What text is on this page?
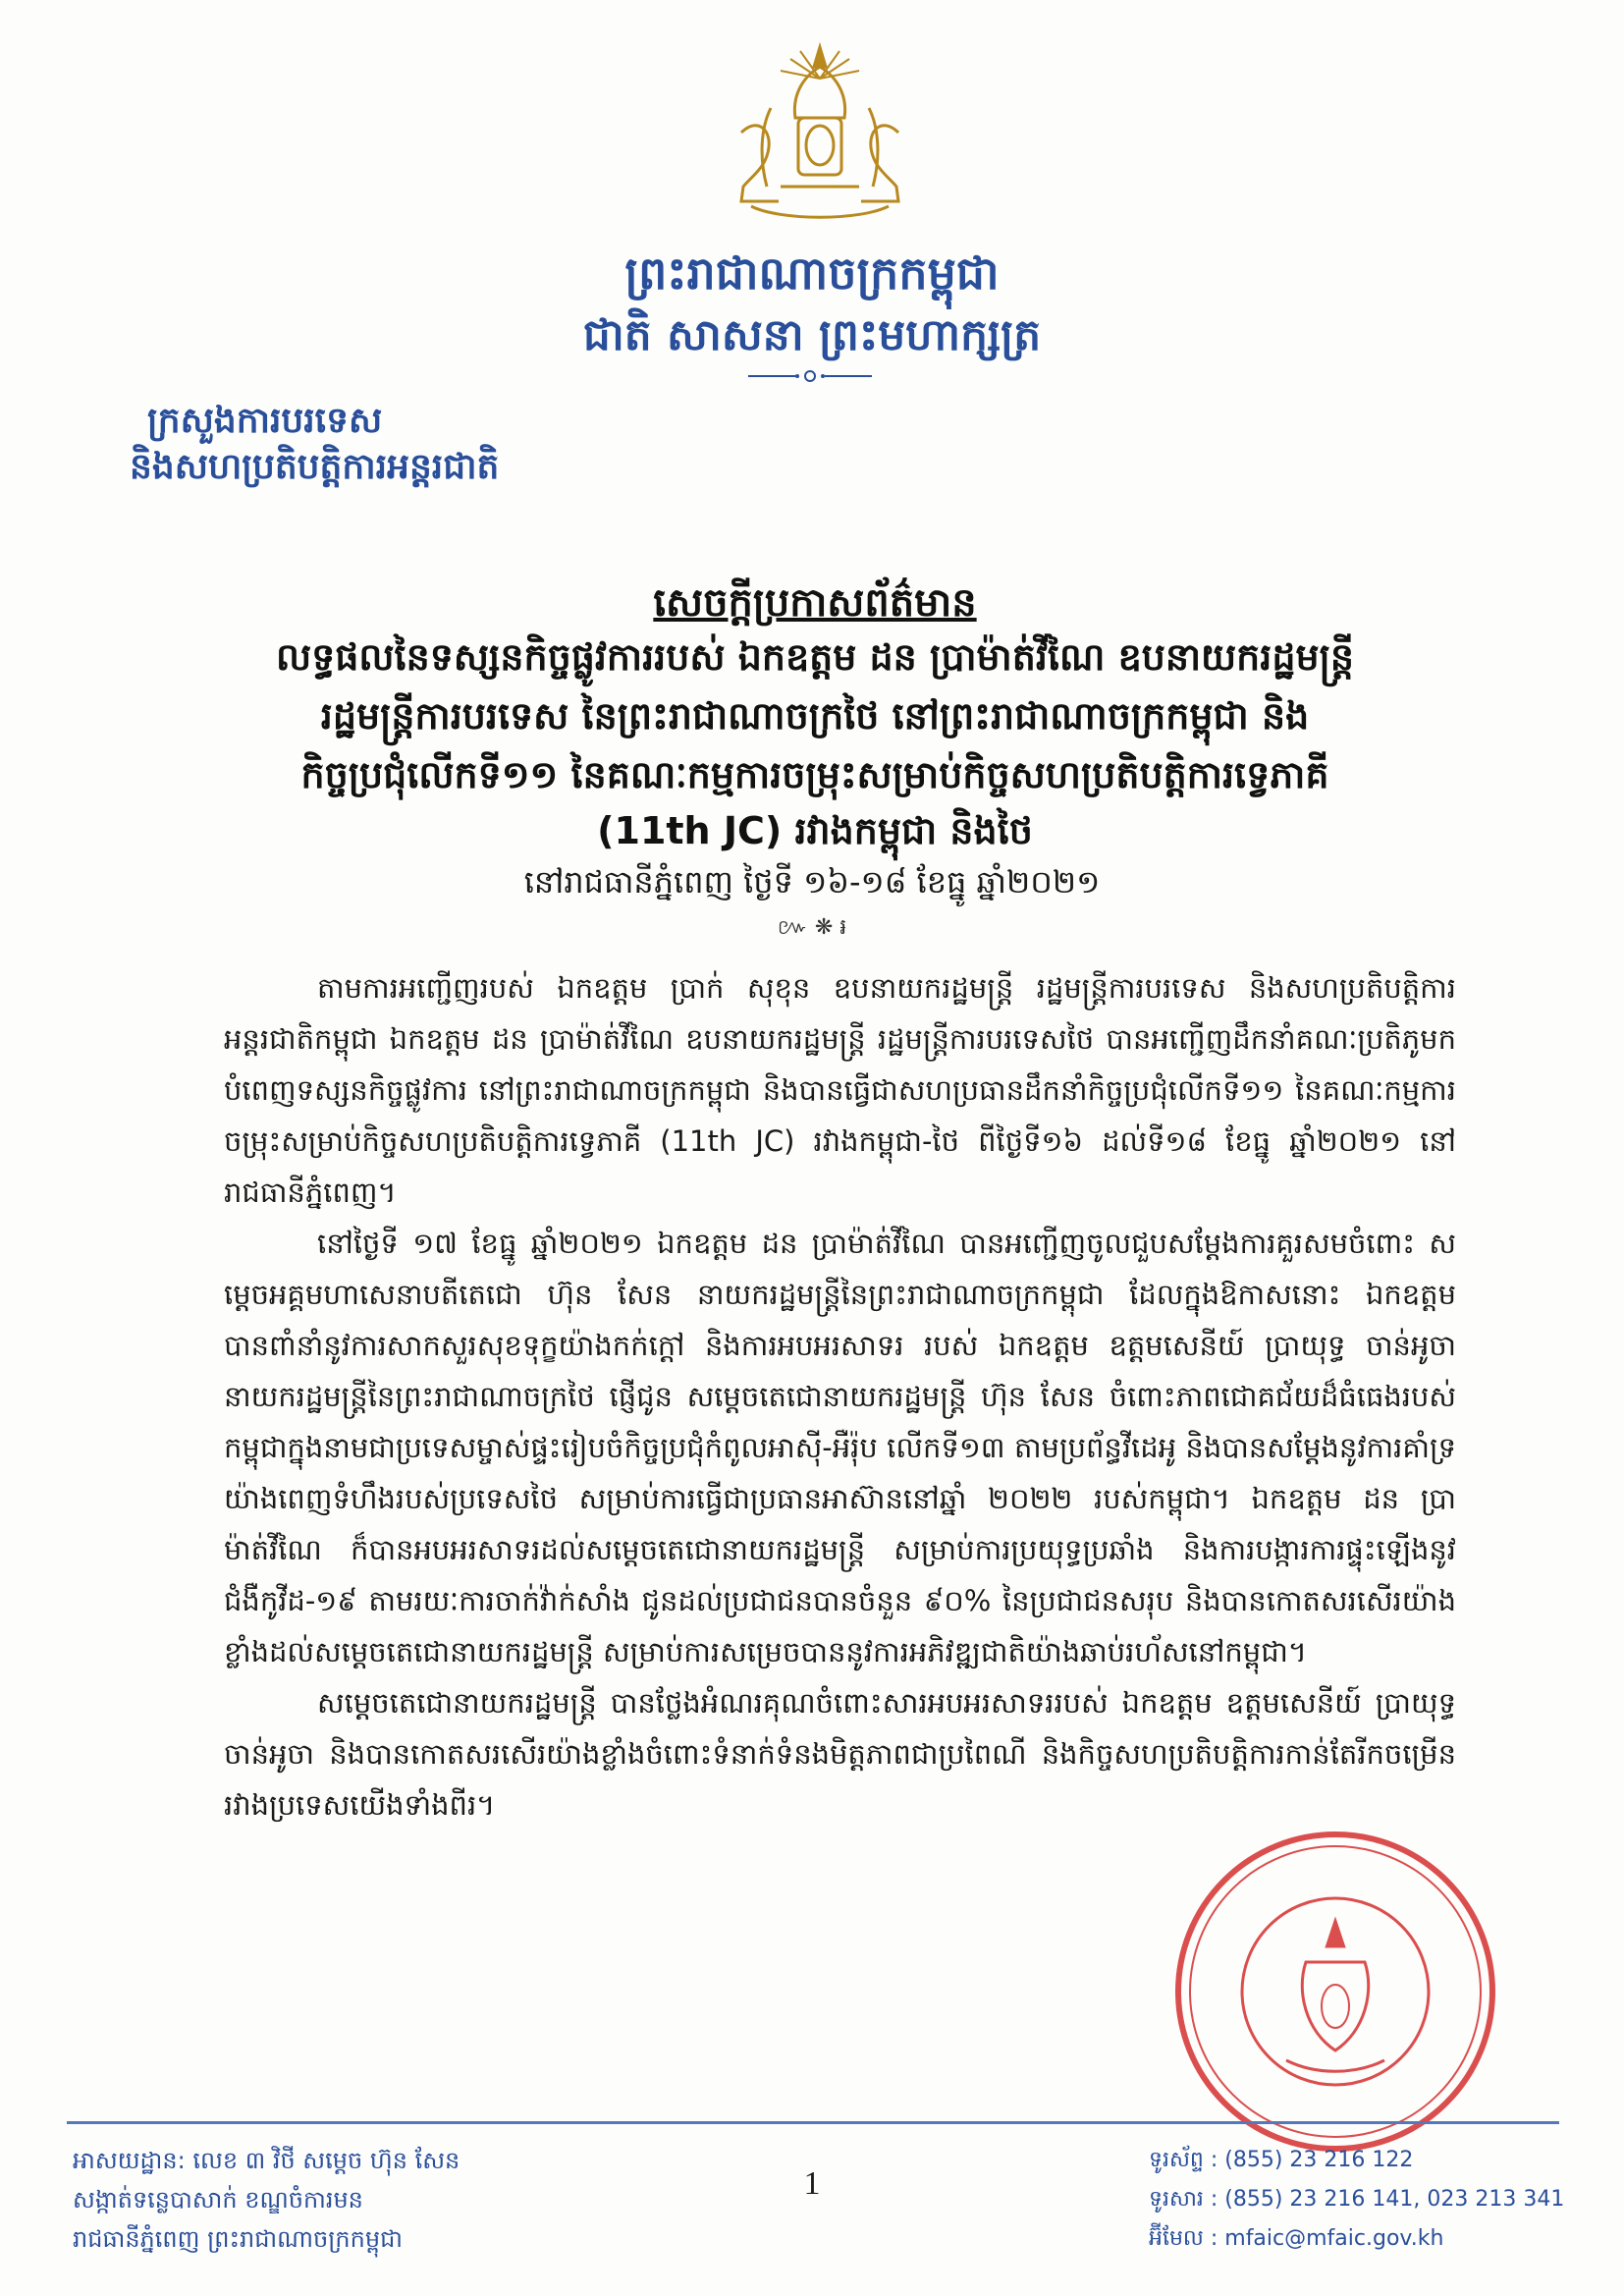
ព្រះរាជាណាចក្រកម្ពុជា
ជាតិ សាសនា ព្រះមហាក្សត្រ
ក្រសួងការបរទេស
និងសហប្រតិបត្តិការអន្តរជាតិ
សេចក្តីប្រកាសព័ត៌មាន
លទ្ធផលនៃទស្សនកិច្ចផ្លូវការរបស់ ឯកឧត្តម ដន ប្រាម៉ាត់វីណៃ ឧបនាយករដ្ឋមន្ត្រី
រដ្ឋមន្ត្រីការបរទេស នៃព្រះរាជាណាចក្រថៃ នៅព្រះរាជាណាចក្រកម្ពុជា និង
កិច្ចប្រជុំលើកទី១១ នៃគណៈកម្មការចម្រុះសម្រាប់កិច្ចសហប្រតិបត្តិការទ្វេភាគី
(11th JC) រវាងកម្ពុជា និងថៃ
នៅរាជធានីភ្នំពេញ ថ្ងៃទី ១៦-១៨ ខែធ្នូ ឆ្នាំ២០២១
៚ ❋ ៛

តាមការអញ្ជើញរបស់ ឯកឧត្តម ប្រាក់ សុខុន ឧបនាយករដ្ឋមន្ត្រី រដ្ឋមន្ត្រីការបរទេស និងសហប្រតិបត្តិការអន្តរជាតិកម្ពុជា ឯកឧត្តម ដន ប្រាម៉ាត់វីណៃ ឧបនាយករដ្ឋមន្ត្រី រដ្ឋមន្ត្រីការបរទេសថៃ បានអញ្ជើញដឹកនាំគណៈប្រតិភូមកបំពេញទស្សនកិច្ចផ្លូវការ នៅព្រះរាជាណាចក្រកម្ពុជា និងបានធ្វើជាសហប្រធានដឹកនាំកិច្ចប្រជុំលើកទី១១ នៃគណៈកម្មការចម្រុះសម្រាប់កិច្ចសហប្រតិបត្តិការទ្វេភាគី (11th JC) រវាងកម្ពុជា-ថៃ ពីថ្ងៃទី១៦ ដល់ទី១៨ ខែធ្នូ ឆ្នាំ២០២១ នៅរាជធានីភ្នំពេញ។

នៅថ្ងៃទី ១៧ ខែធ្នូ ឆ្នាំ២០២១ ឯកឧត្តម ដន ប្រាម៉ាត់វីណៃ បានអញ្ជើញចូលជួបសម្តែងការគួរសមចំពោះ សម្តេចអគ្គមហាសេនាបតីតេជោ ហ៊ុន សែន នាយករដ្ឋមន្ត្រីនៃព្រះរាជាណាចក្រកម្ពុជា ដែលក្នុងឱកាសនោះ ឯកឧត្តម បានពាំនាំនូវការសាកសួរសុខទុក្ខយ៉ាងកក់ក្តៅ និងការអបអរសាទរ របស់ ឯកឧត្តម ឧត្តមសេនីយ៍ ប្រាយុទ្ធ ចាន់អូចា នាយករដ្ឋមន្ត្រីនៃព្រះរាជាណាចក្រថៃ ផ្ញើជូន សម្តេចតេជោនាយករដ្ឋមន្ត្រី ហ៊ុន សែន ចំពោះភាពជោគជ័យដ៏ធំធេងរបស់កម្ពុជាក្នុងនាមជាប្រទេសម្ចាស់ផ្ទះរៀបចំកិច្ចប្រជុំកំពូលអាស៊ី-អឺរ៉ុប លើកទី១៣ តាមប្រព័ន្ធវីដេអូ និងបានសម្តែងនូវការគាំទ្រយ៉ាងពេញទំហឹងរបស់ប្រទេសថៃ សម្រាប់ការធ្វើជាប្រធានអាស៊ាននៅឆ្នាំ ២០២២ របស់កម្ពុជា។ ឯកឧត្តម ដន ប្រាម៉ាត់វីណៃ ក៏បានអបអរសាទរដល់សម្តេចតេជោនាយករដ្ឋមន្ត្រី សម្រាប់ការប្រយុទ្ធប្រឆាំង និងការបង្ការការផ្ទុះឡើងនូវជំងឺកូវីដ-១៩ តាមរយៈការចាក់វ៉ាក់សាំង ជូនដល់ប្រជាជនបានចំនួន ៩០% នៃប្រជាជនសរុប និងបានកោតសរសើរយ៉ាងខ្លាំងដល់សម្តេចតេជោនាយករដ្ឋមន្ត្រី សម្រាប់ការសម្រេចបាននូវការអភិវឌ្ឍជាតិយ៉ាងឆាប់រហ័សនៅកម្ពុជា។

សម្តេចតេជោនាយករដ្ឋមន្ត្រី បានថ្លែងអំណរគុណចំពោះសារអបអរសាទររបស់ ឯកឧត្តម ឧត្តមសេនីយ៍ ប្រាយុទ្ធ ចាន់អូចា និងបានកោតសរសើរយ៉ាងខ្លាំងចំពោះទំនាក់ទំនងមិត្តភាពជាប្រពៃណី និងកិច្ចសហប្រតិបត្តិការកាន់តែរីកចម្រើនរវាងប្រទេសយើងទាំងពីរ។

អាសយដ្ឋាន: លេខ ៣ វិថី សម្តេច ហ៊ុន សែន
សង្កាត់ទន្លេបាសាក់ ខណ្ឌចំការមន
រាជធានីភ្នំពេញ ព្រះរាជាណាចក្រកម្ពុជា
1
ទូរស័ព្ទ : (855) 23 216 122
ទូរសារ : (855) 23 216 141, 023 213 341
អ៊ីមែល : mfaic@mfaic.gov.kh
